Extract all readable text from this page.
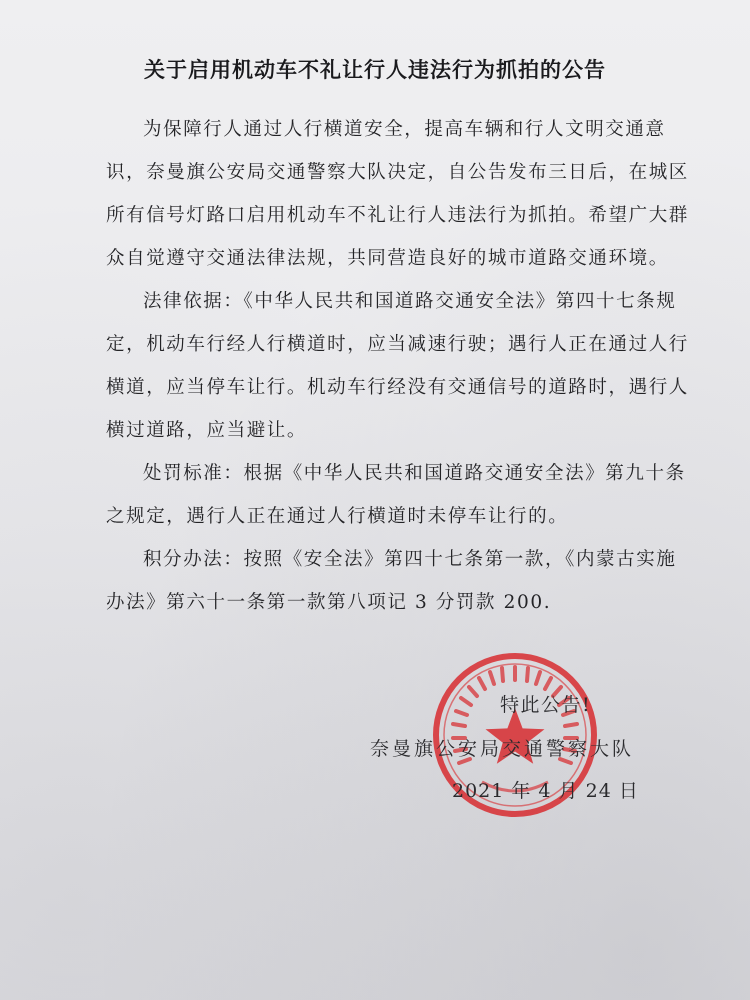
关于启用机动车不礼让行人违法行为抓拍的公告

为保障行人通过人行横道安全，提高车辆和行人文明交通意识，奈曼旗公安局交通警察大队决定，自公告发布三日后，在城区所有信号灯路口启用机动车不礼让行人违法行为抓拍。希望广大群众自觉遵守交通法律法规，共同营造良好的城市道路交通环境。

法律依据：《中华人民共和国道路交通安全法》第四十七条规定，机动车行经人行横道时，应当减速行驶；遇行人正在通过人行横道，应当停车让行。机动车行经没有交通信号的道路时，遇行人横过道路，应当避让。

处罚标准：根据《中华人民共和国道路交通安全法》第九十条之规定，遇行人正在通过人行横道时未停车让行的。

积分办法：按照《安全法》第四十七条第一款，《内蒙古实施办法》第六十一条第一款第八项记 3 分罚款 200.

特此公告!
奈曼旗公安局交通警察大队
2021 年 4 月 24 日
